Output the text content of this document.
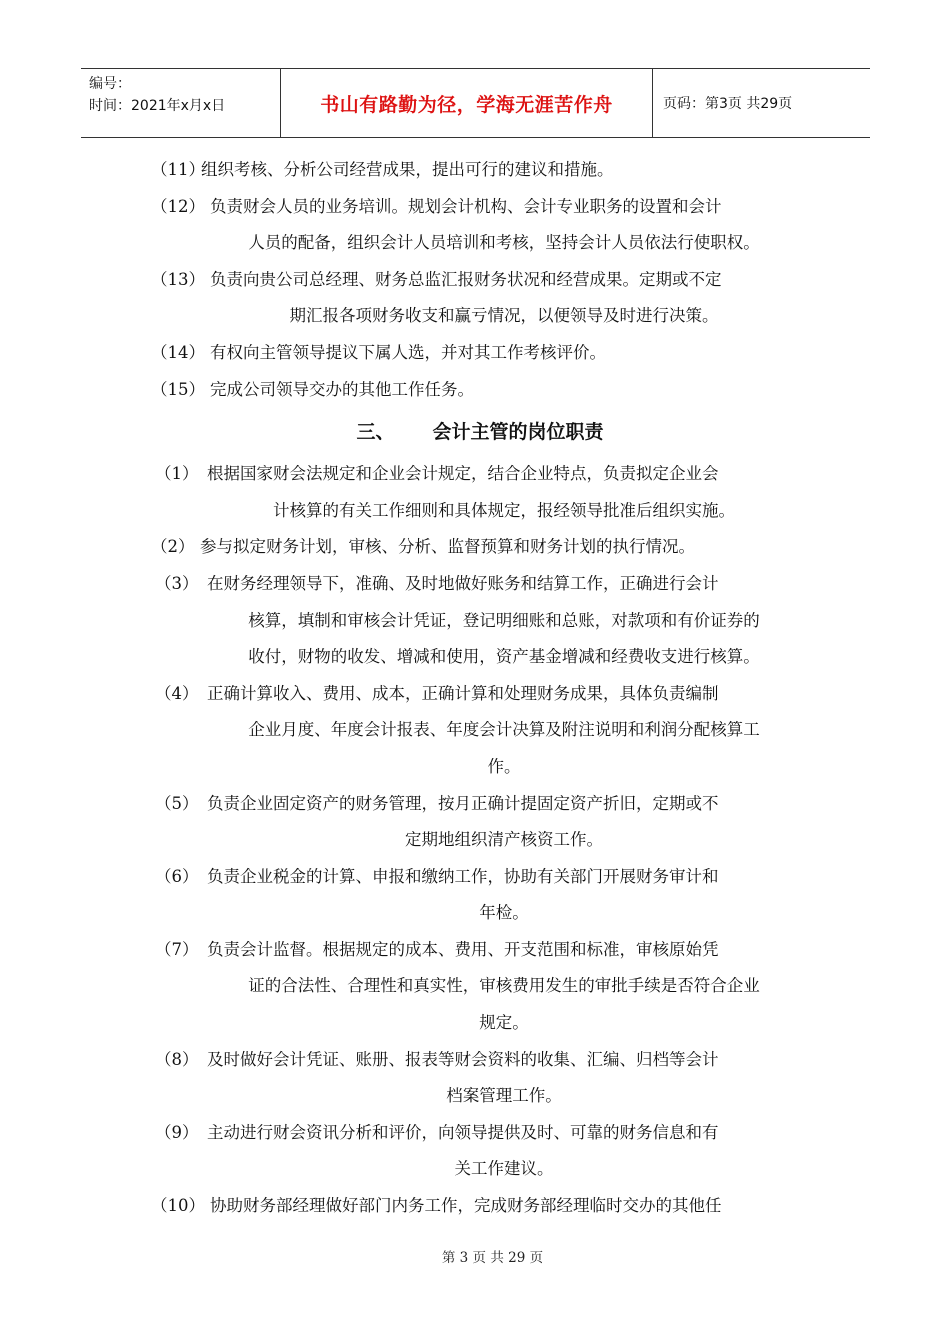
编号：
时间：2021年x月x日	书山有路勤为径，学海无涯苦作舟	页码：第3页 共29页
（11）
组织考核、分析公司经营成果，提出可行的建议和措施。

（12） 负责财会人员的业务培训。规划会计机构、会计专业职务的设置和会计

人员的配备，组织会计人员培训和考核，坚持会计人员依法行使职权。
（13） 负责向贵公司总经理、财务总监汇报财务状况和经营成果。定期或不定

期汇报各项财务收支和赢亏情况，以便领导及时进行决策。
（14） 有权向主管领导提议下属人选，并对其工作考核评价。

（15） 完成公司领导交办的其他工作任务。

三、 会计主管的岗位职责
（1） 根据国家财会法规定和企业会计规定，结合企业特点，负责拟定企业会

计核算的有关工作细则和具体规定，报经领导批准后组织实施。
（2） 参与拟定财务计划，审核、分析、监督预算和财务计划的执行情况。

（3） 在财务经理领导下，准确、及时地做好账务和结算工作，正确进行会计

核算，填制和审核会计凭证，登记明细账和总账，对款项和有价证券的
收付，财物的收发、增减和使用，资产基金增减和经费收支进行核算。
（4） 正确计算收入、费用、成本，正确计算和处理财务成果，具体负责编制

企业月度、年度会计报表、年度会计决算及附注说明和利润分配核算工
作。
（5） 负责企业固定资产的财务管理，按月正确计提固定资产折旧，定期或不

定期地组织清产核资工作。
（6） 负责企业税金的计算、申报和缴纳工作，协助有关部门开展财务审计和

年检。
（7） 负责会计监督。根据规定的成本、费用、开支范围和标准，审核原始凭

证的合法性、合理性和真实性，审核费用发生的审批手续是否符合企业
规定。
（8） 及时做好会计凭证、账册、报表等财会资料的收集、汇编、归档等会计

档案管理工作。
（9） 主动进行财会资讯分析和评价，向领导提供及时、可靠的财务信息和有

关工作建议。
（10） 协助财务部经理做好部门内务工作，完成财务部经理临时交办的其他任

第 3 页 共 29 页
